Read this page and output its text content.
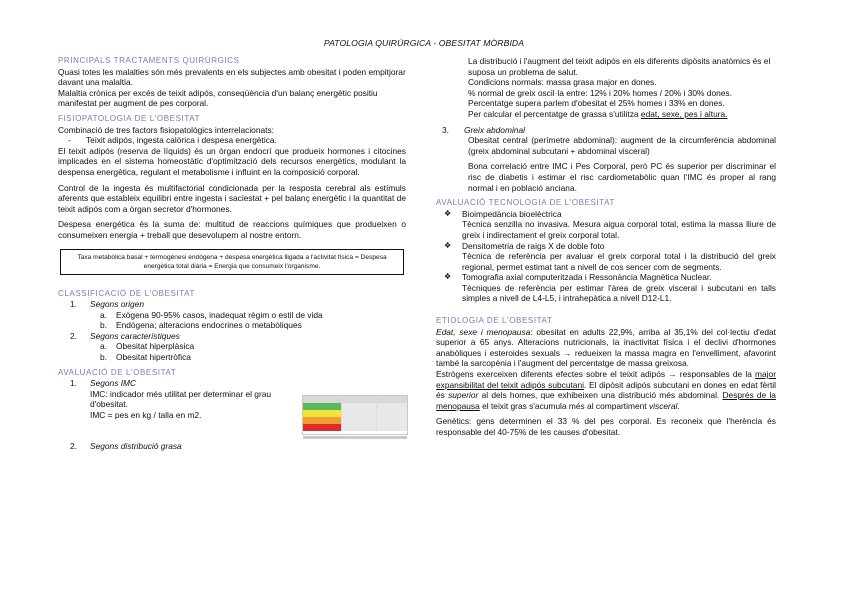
PATOLOGIA QUIRÚRGICA - OBESITAT MÒRBIDA

PRINCIPALS TRACTAMENTS QUIRÚRGICS

Quasi totes les malalties són més prevalents en els subjectes amb obesitat i poden empitjorar davant una malaltia.

Malaltia crònica per excés de teixit adipós, conseqüència d'un balanç energètic positiu manifestat per augment de pes corporal.

FISIOPATOLOGIA DE L'OBESITAT

Combinació de tres factors fisiopatològics interrelacionats:

-	Teixit adipós, ingesta calòrica i despesa energètica.

El teixit adipós (reserva de líquids) és un òrgan endocrí que produeix hormones i citocines implicades en el sistema homeostàtic d'optimització dels recursos energètics, modulant la despensa energètica, regulant el metabolisme i influint en la composició corporal.

Control de la ingesta és multifactorial condicionada per la resposta cerebral als estímuls aferents que estableix equilibri entre ingesta i saciestat + pel balanç energètic i la quantitat de teixit adipós com a òrgan secretor d'hormones.

Despesa energètica és la suma de: multitud de reaccions químiques que produeixen o consumeixen energia + treball que desevolupem al nostre entorn.

Taxa metabòlica basal + termogènesi endògena + despesa energètica lligada a l'activitat física = Despesa energètica total diària = Energia que consumeix l'organisme.

CLASSIFICACIÓ DE L'OBESITAT

1.	Segons origen
a.	Exògena 90-95% casos, inadequat règim o estil de vida
b.	Endògena; alteracions endocrines o metabòliques
2.	Segons característiques
a.	Obesitat hiperplàsica
b.	Obesitat hipertròfica

AVALUACIÓ DE L'OBESITAT

1.	Segons IMC

IMC: indicador més utilitat per determinar el grau d'obesitat.

IMC = pes en kg / talla en m2.

2.	Segons distribució grasa

La distribució i l'augment del teixit adipós en els diferents dipòsits anatòmics és el suposa un problema de salut.

Condicions normals: massa grasa major en dones.

% normal de greix oscil·la entre: 12% i 20% homes / 20% i 30% dones.

Percentatge supera parlem d'obesitat el 25% homes i 33% en dones.

Per calcular el percentatge de grassa s'utilitza edat, sexe, pes i altura.

3.	Greix abdominal

Obesitat central (perímetre abdominal): augment de la circumferència abdominal (greix abdominal subcutani + abdominal visceral)

Bona correlació entre IMC i Pes Corporal, però PC és superior per discriminar el risc de diabetis i estimar el risc cardiometabòlic quan l'IMC és proper al rang normal i en població anciana.

AVALUACIÓ TECNOLOGIA DE L'OBESITAT

❖	Bioimpedància bioelèctrica

Tècnica senzilla no invasiva. Mesura aigua corporal total, estima la massa lliure de greix i indirectament el greix corporal total.

❖	Densitometria de raigs X de doble foto

Tècnica de referència per avaluar el greix corporal total i la distribució del greix regional, permet estimat tant a nivell de cos sencer com de segments.

❖	Tomografia axial computeritzada i Ressonància Magnètica Nuclear.

Tècniques de referència per estimar l'àrea de greix visceral i subcutani en talls simples a nivell de L4-L5, i intrahepàtica a nivell D12-L1.

ETIOLOGIA DE L'OBESITAT

Edat, sexe i menopausa: obesitat en adults 22,9%, arriba al 35,1% del col·lectiu d'edat superior a 65 anys. Alteracions nutricionals, la inactivitat física i el declivi d'hormones anabòliques i esteroides sexuals → redueixen la massa magra en l'envelliment, afavorint també la sarcopènia i l'augment del percentatge de massa greixosa.

Estrògens exerceixen diferents efectes sobre el teixit adipós → responsables de la major expansibilitat del teixit adipós subcutani. El dipòsit adipós subcutani en dones en edat fèrtil és superior al dels homes, que exhibeixen una distribució més abdominal. Després de la menopausa el teixit gras s'acumula més al compartiment visceral.

Genètics: gens determinen el 33 % del pes corporal. Es reconeix que l'herència és responsable del 40-75% de les causes d'obesitat.
